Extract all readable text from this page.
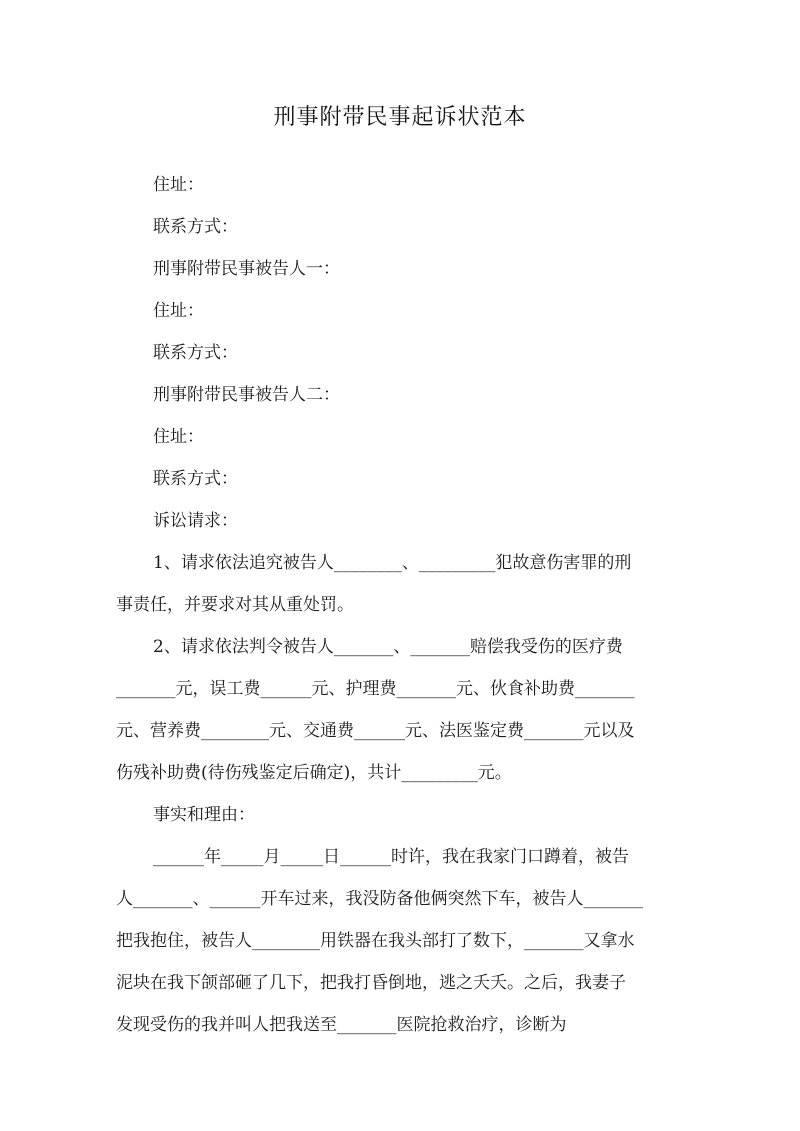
刑事附带民事起诉状范本
住址：
联系方式：
刑事附带民事被告人一：
住址：
联系方式：
刑事附带民事被告人二：
住址：
联系方式：
诉讼请求：
1、请求依法追究被告人________、_________犯故意伤害罪的刑
事责任，并要求对其从重处罚。
2、请求依法判令被告人_______、_______赔偿我受伤的医疗费
_______元，误工费______元、护理费_______元、伙食补助费_______
元、营养费________元、交通费______元、法医鉴定费_______元以及
伤残补助费(待伤残鉴定后确定)，共计_________元。
事实和理由：
______年_____月_____日______时许，我在我家门口蹲着，被告
人_______、______开车过来，我没防备他俩突然下车，被告人_______
把我抱住，被告人________用铁器在我头部打了数下，_______又拿水
泥块在我下颌部砸了几下，把我打昏倒地，逃之夭夭。之后，我妻子
发现受伤的我并叫人把我送至_______医院抢救治疗，诊断为
